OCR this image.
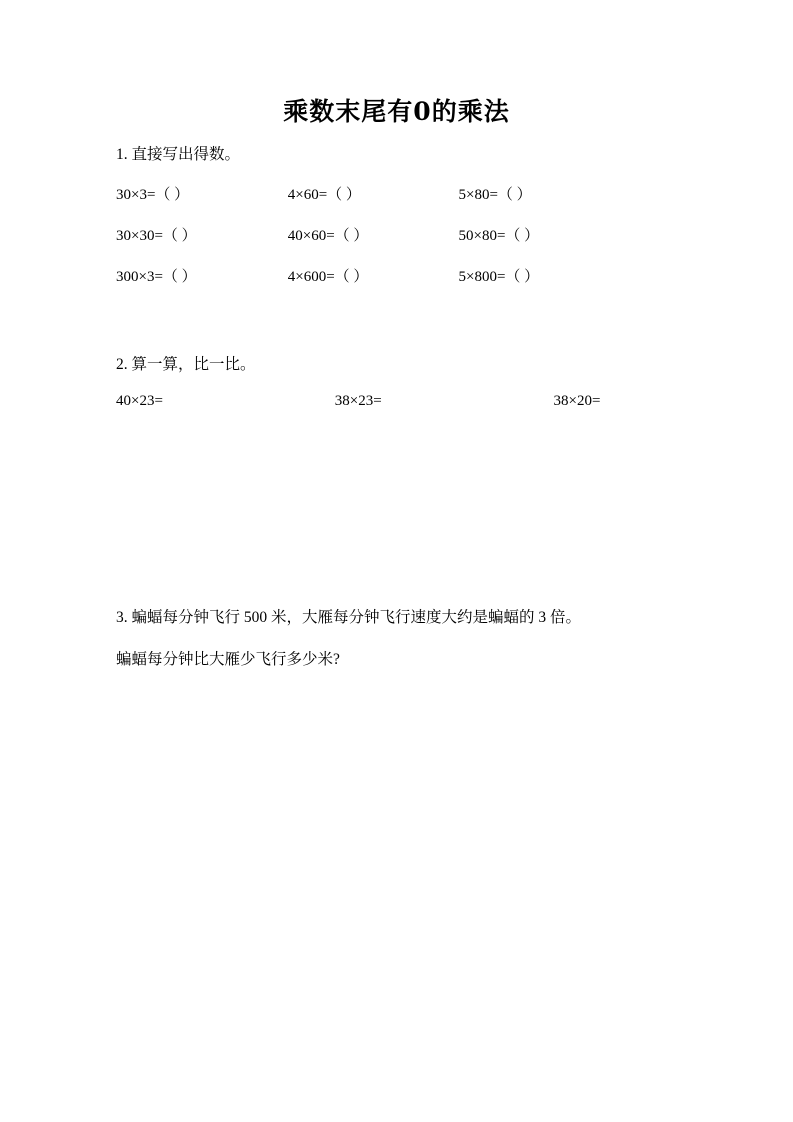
乘数末尾有0的乘法
1. 直接写出得数。
30×3=（ ）	4×60=（ ）	5×80=（ ）
30×30=（ ）	40×60=（ ）	50×80=（ ）
300×3=（ ）	4×600=（ ）	5×800=（ ）
2. 算一算，比一比。
40×23=	38×23=	38×20=
3. 蝙蝠每分钟飞行 500 米，大雁每分钟飞行速度大约是蝙蝠的 3 倍。
蝙蝠每分钟比大雁少飞行多少米?
